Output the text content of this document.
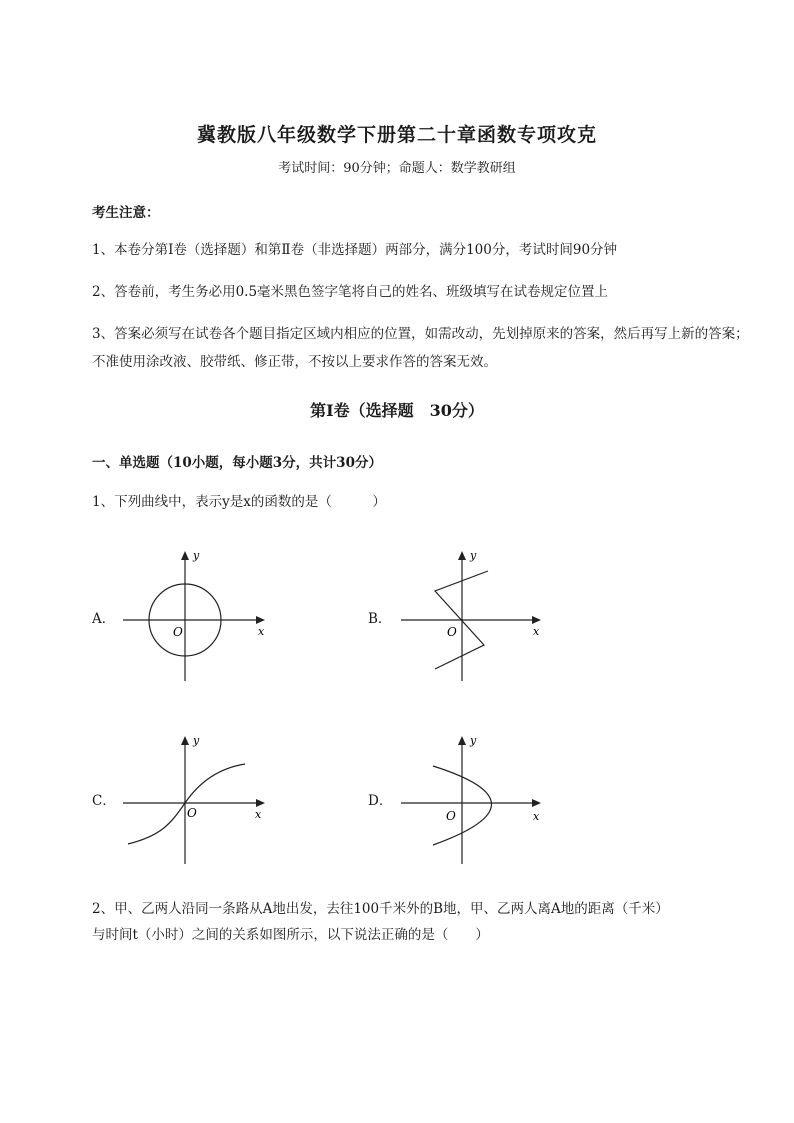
冀教版八年级数学下册第二十章函数专项攻克

考试时间：90分钟；命题人：数学教研组

考生注意：

1、本卷分第I卷（选择题）和第Ⅱ卷（非选择题）两部分，满分100分，考试时间90分钟

2、答卷前，考生务必用0.5毫米黑色签字笔将自己的姓名、班级填写在试卷规定位置上

3、答案必须写在试卷各个题目指定区域内相应的位置，如需改动，先划掉原来的答案，然后再写上新的答案；不准使用涂改液、胶带纸、修正带，不按以上要求作答的答案无效。

第I卷（选择题　30分）

一、单选题（10小题，每小题3分，共计30分）

1、下列曲线中，表示y是x的函数的是（　　　）

A．	B．
C．	D．
y
x
O
y
x
O
y
x
O
y
x
O

2、甲、乙两人沿同一条路从A地出发，去往100千米外的B地，甲、乙两人离A地的距离（千米）

与时间t（小时）之间的关系如图所示，以下说法正确的是（　　）
